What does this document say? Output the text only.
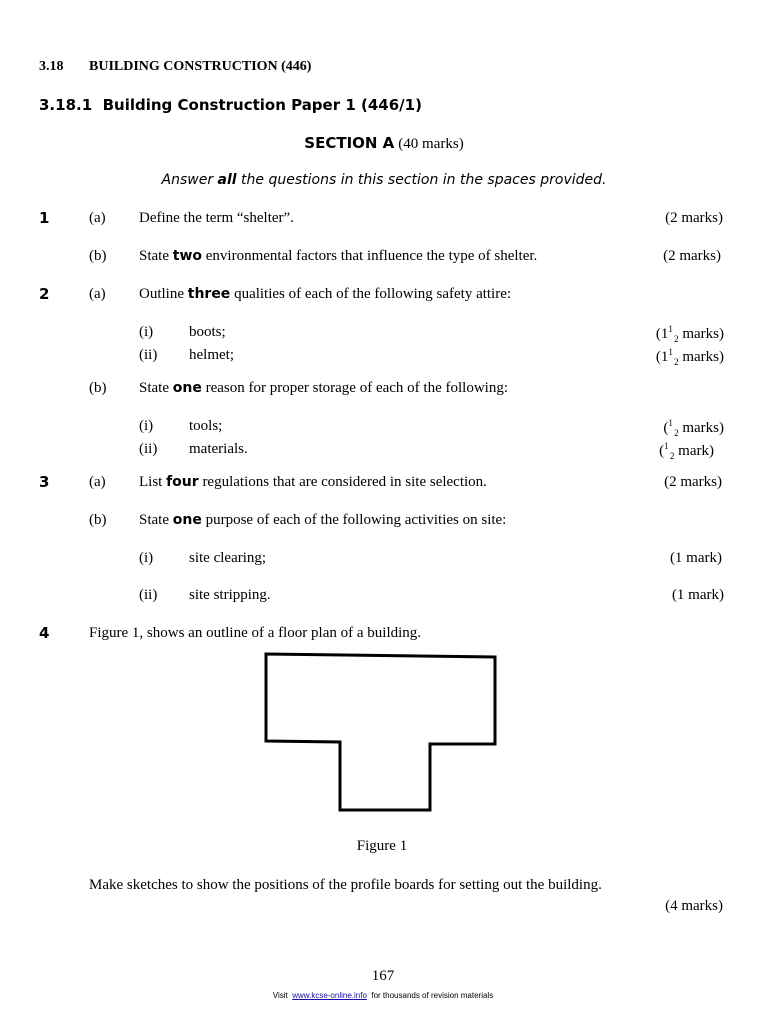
3.18 BUILDING CONSTRUCTION (446)
3.18.1 Building Construction Paper 1 (446/1)
SECTION A (40 marks)
Answer all the questions in this section in the spaces provided.
1	(a) Define the term “shelter”.	(2 marks)
(b) State two environmental factors that influence the type of shelter.	(2 marks)
2	(a) Outline three qualities of each of the following safety attire:
(i) boots;	($1^1$ $_2$ marks)
(ii) helmet;	($1^1$ $_2$ marks)
(b) State one reason for proper storage of each of the following:
(i) tools;	($^1$ $_2$ marks)
(ii) materials.	($^1$ $_2$ mark)
3	(a) List four regulations that are considered in site selection.	(2 marks)
(b) State one purpose of each of the following activities on site:
(i) site clearing;	(1 mark)
(ii) site stripping.	(1 mark)
4	Figure 1, shows an outline of a floor plan of a building.
Figure 1
Make sketches to show the positions of the profile boards for setting out the building.
(4 marks)
167
Visit www.kcse-online.info for thousands of revision materials
